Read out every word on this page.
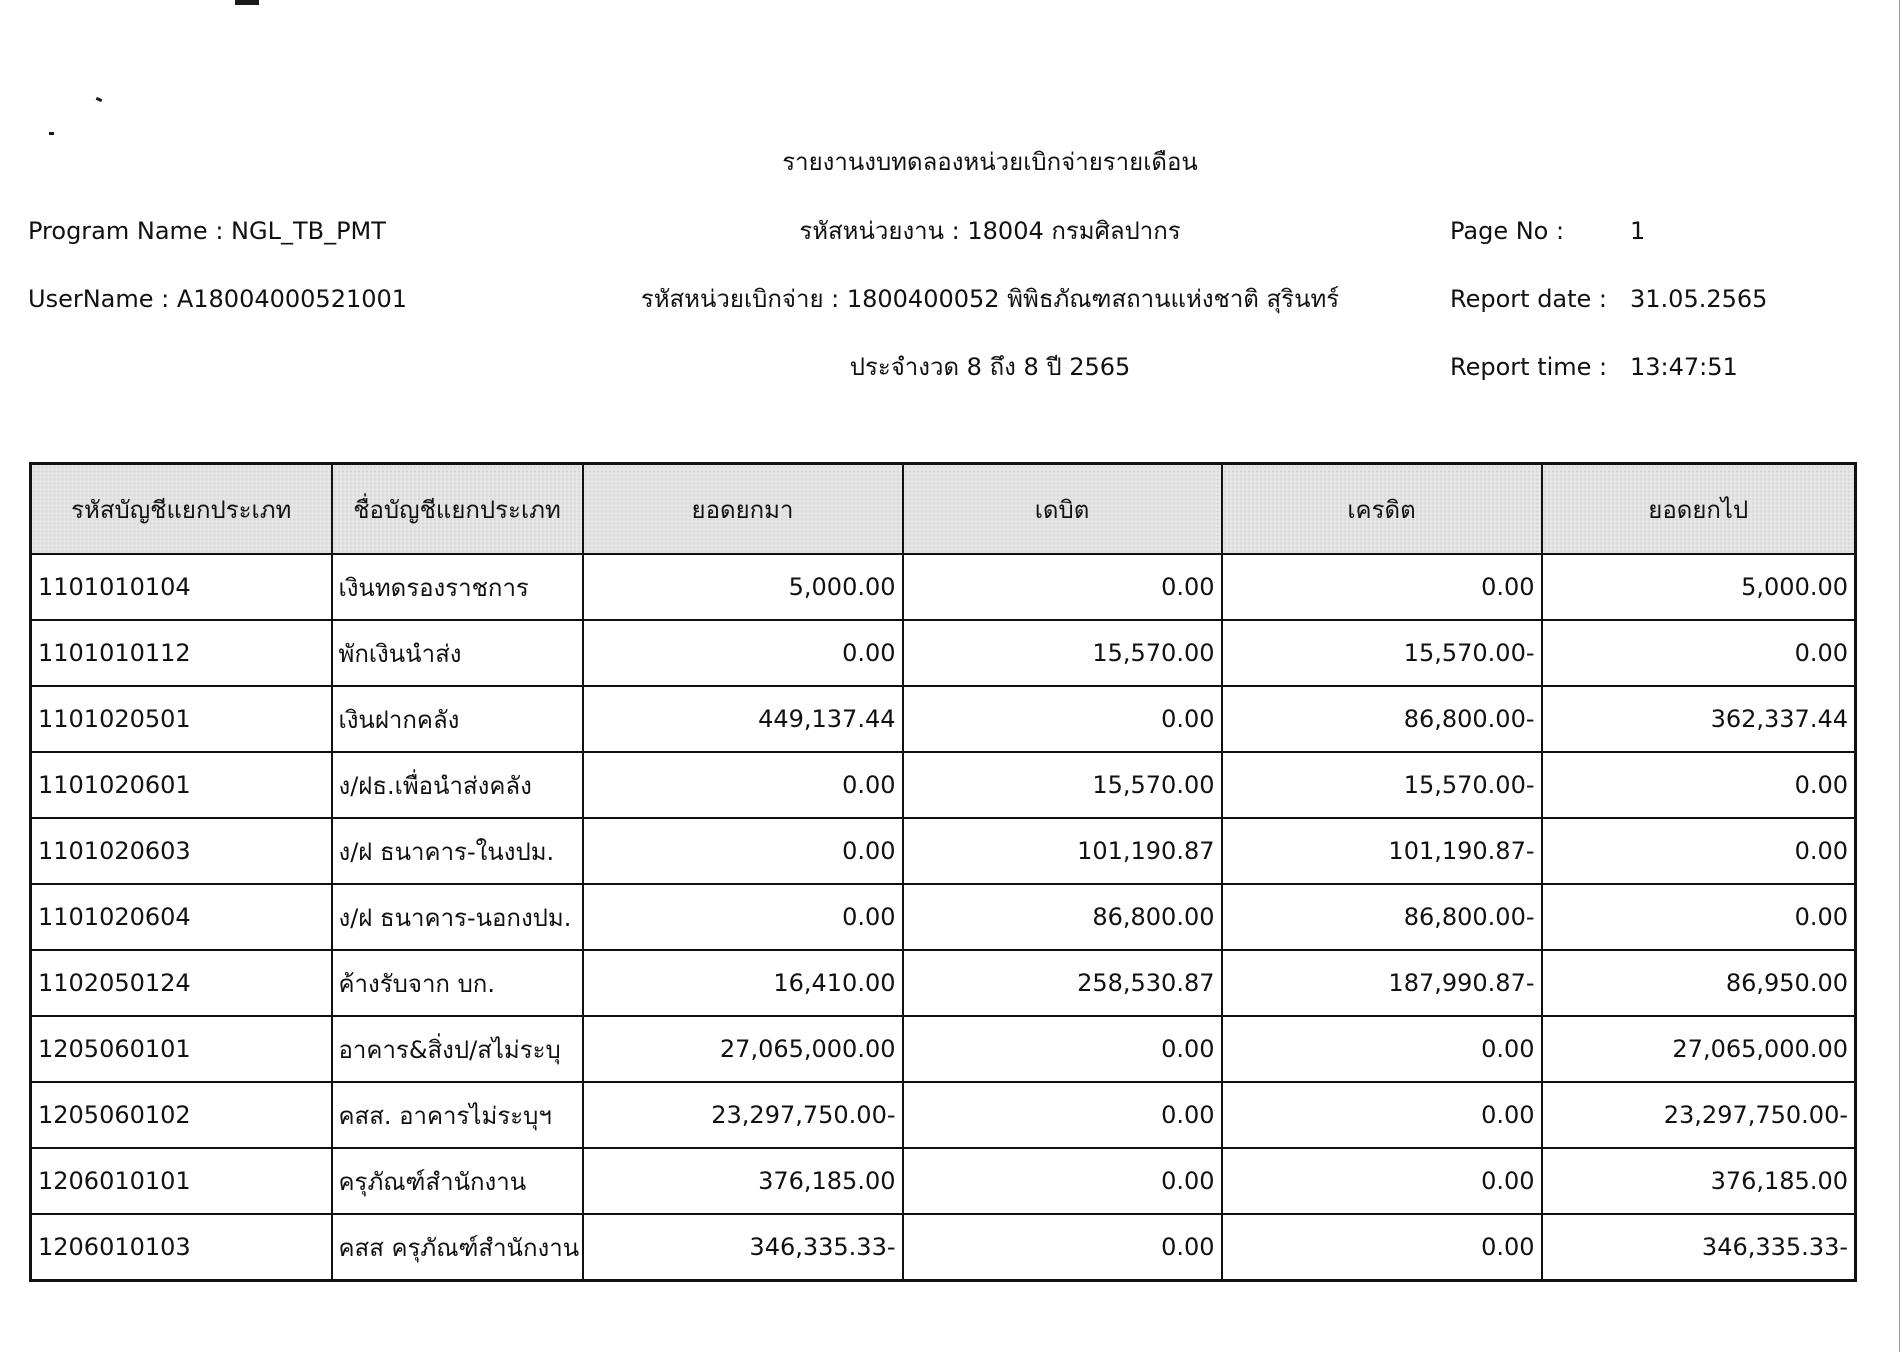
รายงานงบทดลองหน่วยเบิกจ่ายรายเดือน
Program Name : NGL_TB_PMT	รหัสหน่วยงาน : 18004 กรมศิลปากร	Page No :	1
UserName : A18004000521001	รหัสหน่วยเบิกจ่าย : 1800400052 พิพิธภัณฑสถานแห่งชาติ สุรินทร์	Report date : 31.05.2565
ประจำงวด 8 ถึง 8 ปี 2565	Report time : 13:47:51
รหัสบัญชีแยกประเภท	ชื่อบัญชีแยกประเภท	ยอดยกมา	เดบิต	เครดิต	ยอดยกไป
1101010104	เงินทดรองราชการ	5,000.00	0.00	0.00	5,000.00
1101010112	พักเงินนำส่ง	0.00	15,570.00	15,570.00-	0.00
1101020501	เงินฝากคลัง	449,137.44	0.00	86,800.00-	362,337.44
1101020601	ง/ฝธ.เพื่อนำส่งคลัง	0.00	15,570.00	15,570.00-	0.00
1101020603	ง/ฝ ธนาคาร-ในงปม.	0.00	101,190.87	101,190.87-	0.00
1101020604	ง/ฝ ธนาคาร-นอกงปม.	0.00	86,800.00	86,800.00-	0.00
1102050124	ค้างรับจาก บก.	16,410.00	258,530.87	187,990.87-	86,950.00
1205060101	อาคาร&สิ่งป/สไม่ระบุ	27,065,000.00	0.00	0.00	27,065,000.00
1205060102	คสส. อาคารไม่ระบุฯ	23,297,750.00-	0.00	0.00	23,297,750.00-
1206010101	ครุภัณฑ์สำนักงาน	376,185.00	0.00	0.00	376,185.00
1206010103	คสส ครุภัณฑ์สำนักงาน	346,335.33-	0.00	0.00	346,335.33-
